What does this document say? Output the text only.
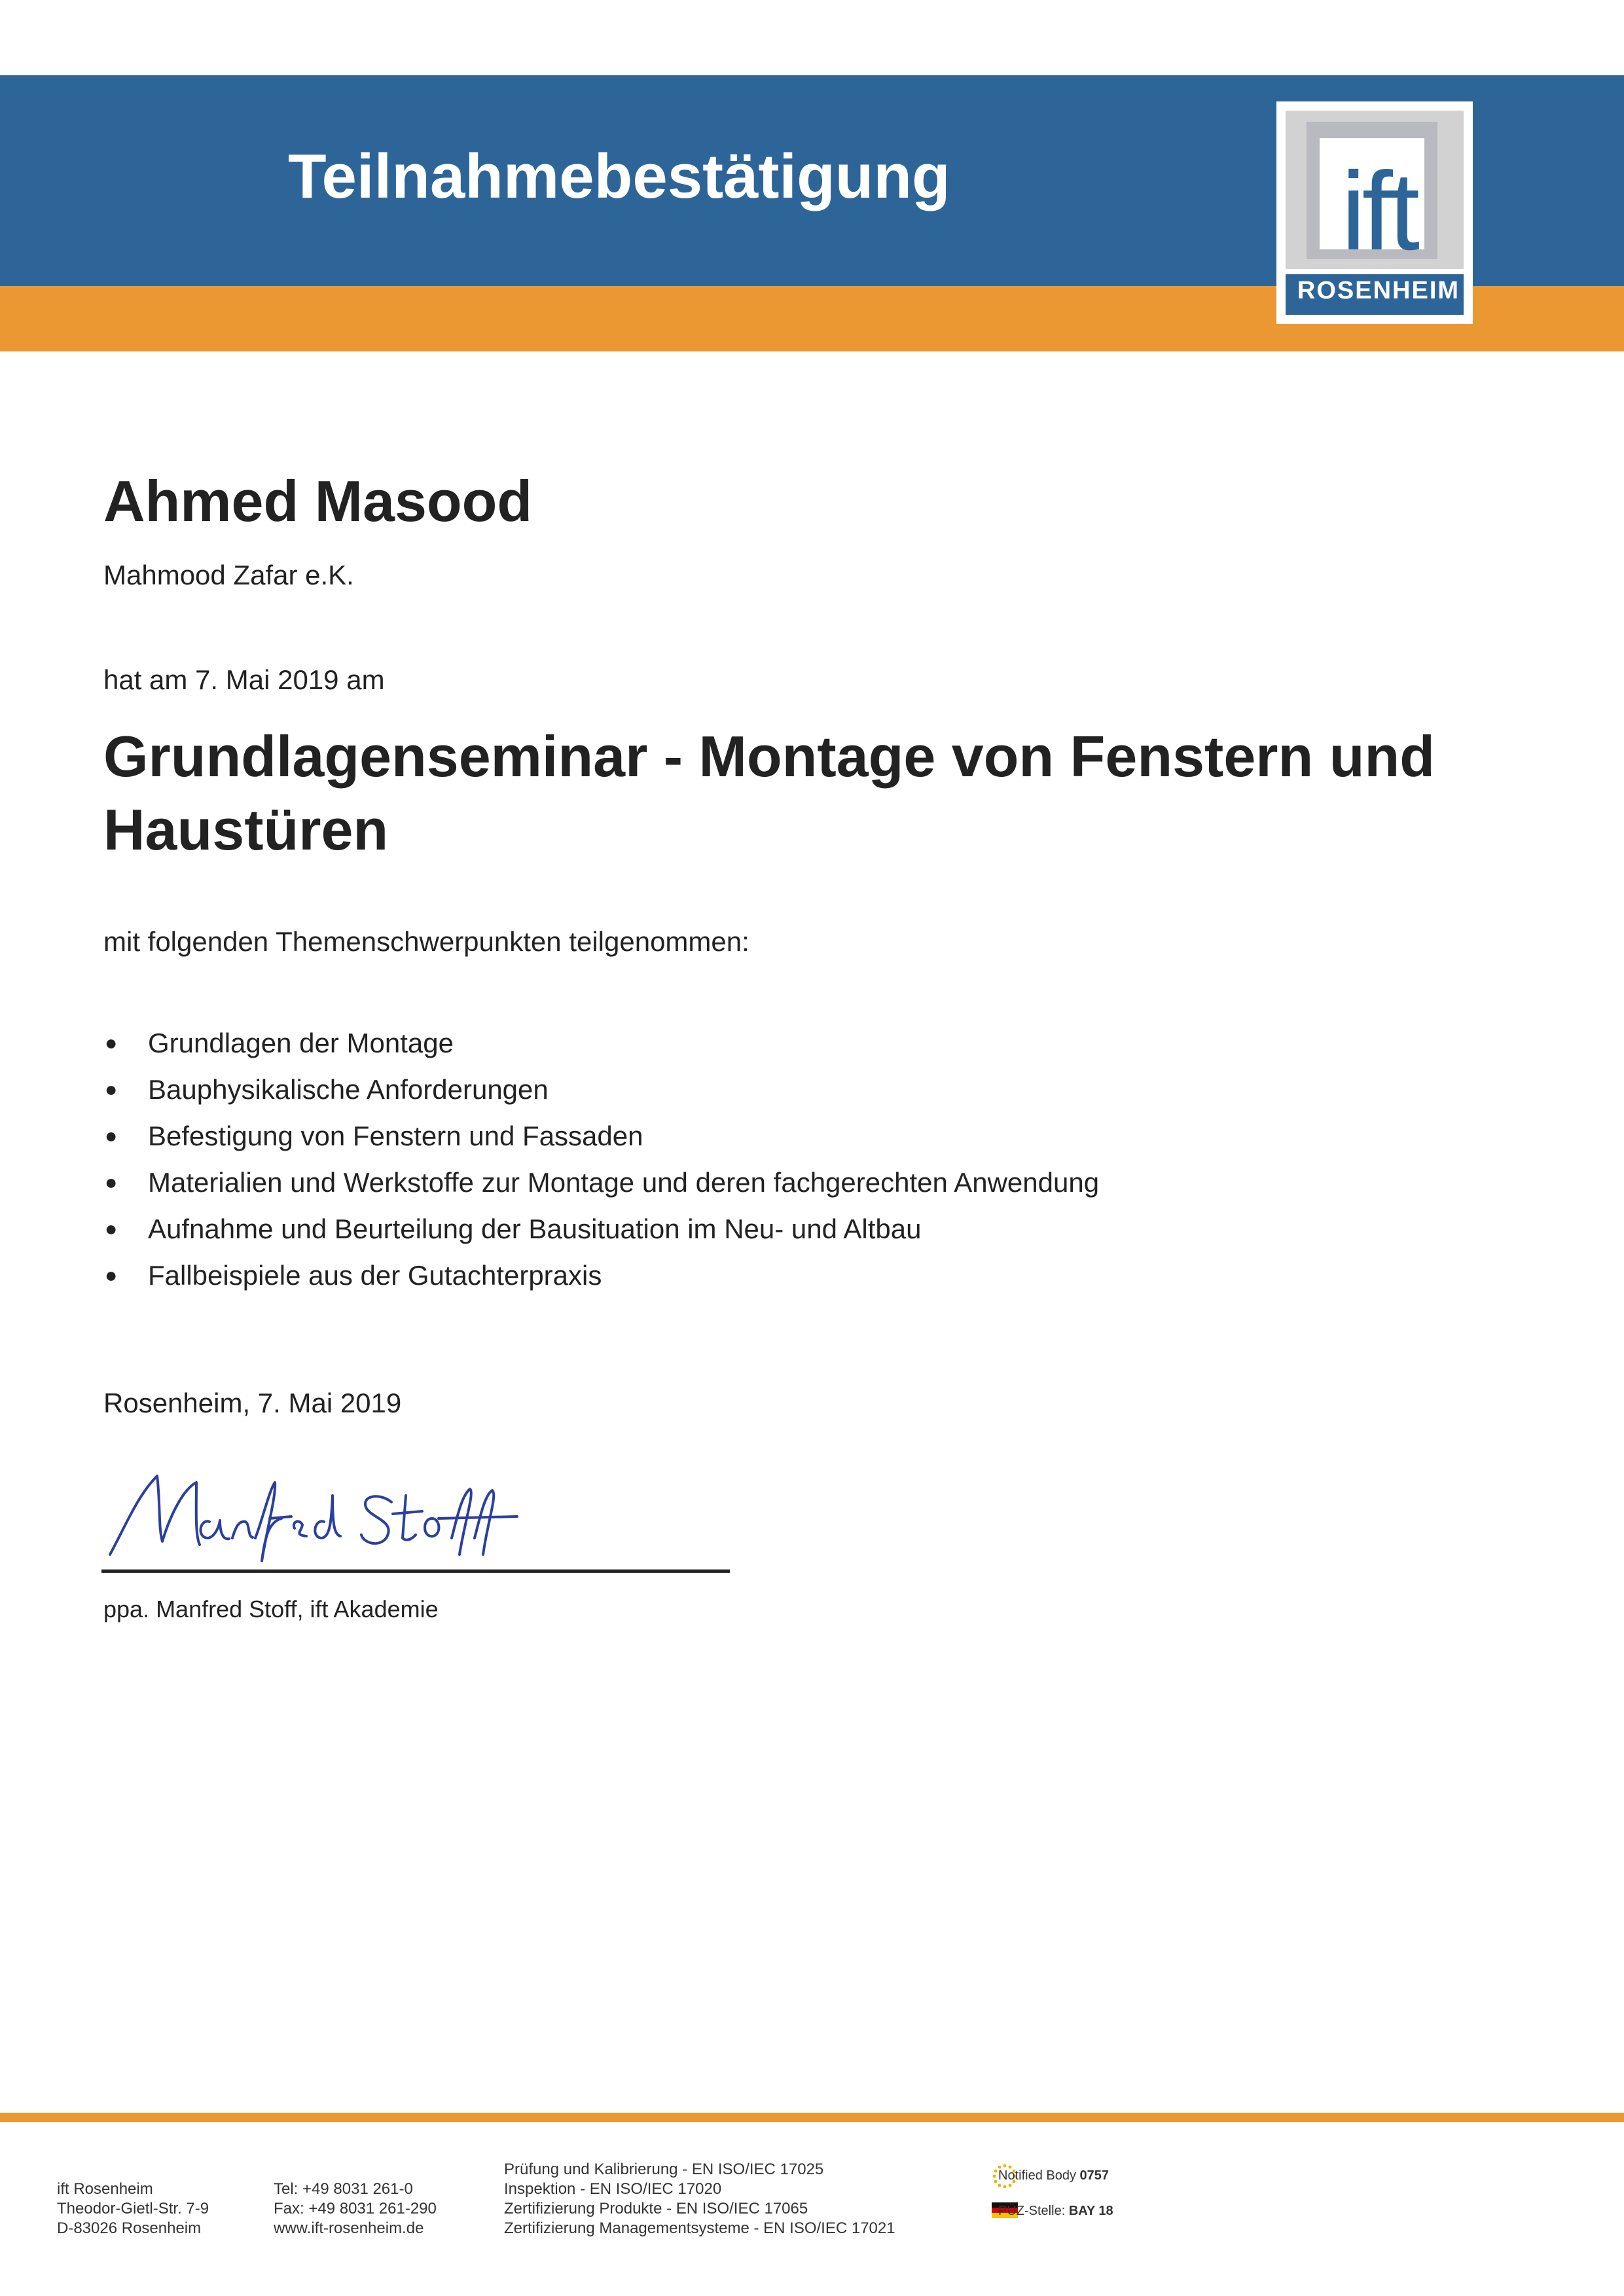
Teilnahmebestätigung	ift
ROSENHEIM
Ahmed Masood
Mahmood Zafar e.K.
hat am 7. Mai 2019 am
Grundlagenseminar - Montage von Fenstern und
Haustüren
mit folgenden Themenschwerpunkten teilgenommen:
● Grundlagen der Montage
● Bauphysikalische Anforderungen
● Befestigung von Fenstern und Fassaden
● Materialien und Werkstoffe zur Montage und deren fachgerechten Anwendung
● Aufnahme und Beurteilung der Bausituation im Neu- und Altbau
● Fallbeispiele aus der Gutachterpraxis
Rosenheim, 7. Mai 2019
ppa. Manfred Stoff, ift Akademie
ift Rosenheim
Theodor-Gietl-Str. 7-9
D-83026 Rosenheim
Tel: +49 8031 261-0
Fax: +49 8031 261-290
www.ift-rosenheim.de
Prüfung und Kalibrierung - EN ISO/IEC 17025
Inspektion - EN ISO/IEC 17020
Zertifizierung Produkte - EN ISO/IEC 17065
Zertifizierung Managementsysteme - EN ISO/IEC 17021
Notified Body 0757
PÜZ-Stelle: BAY 18
